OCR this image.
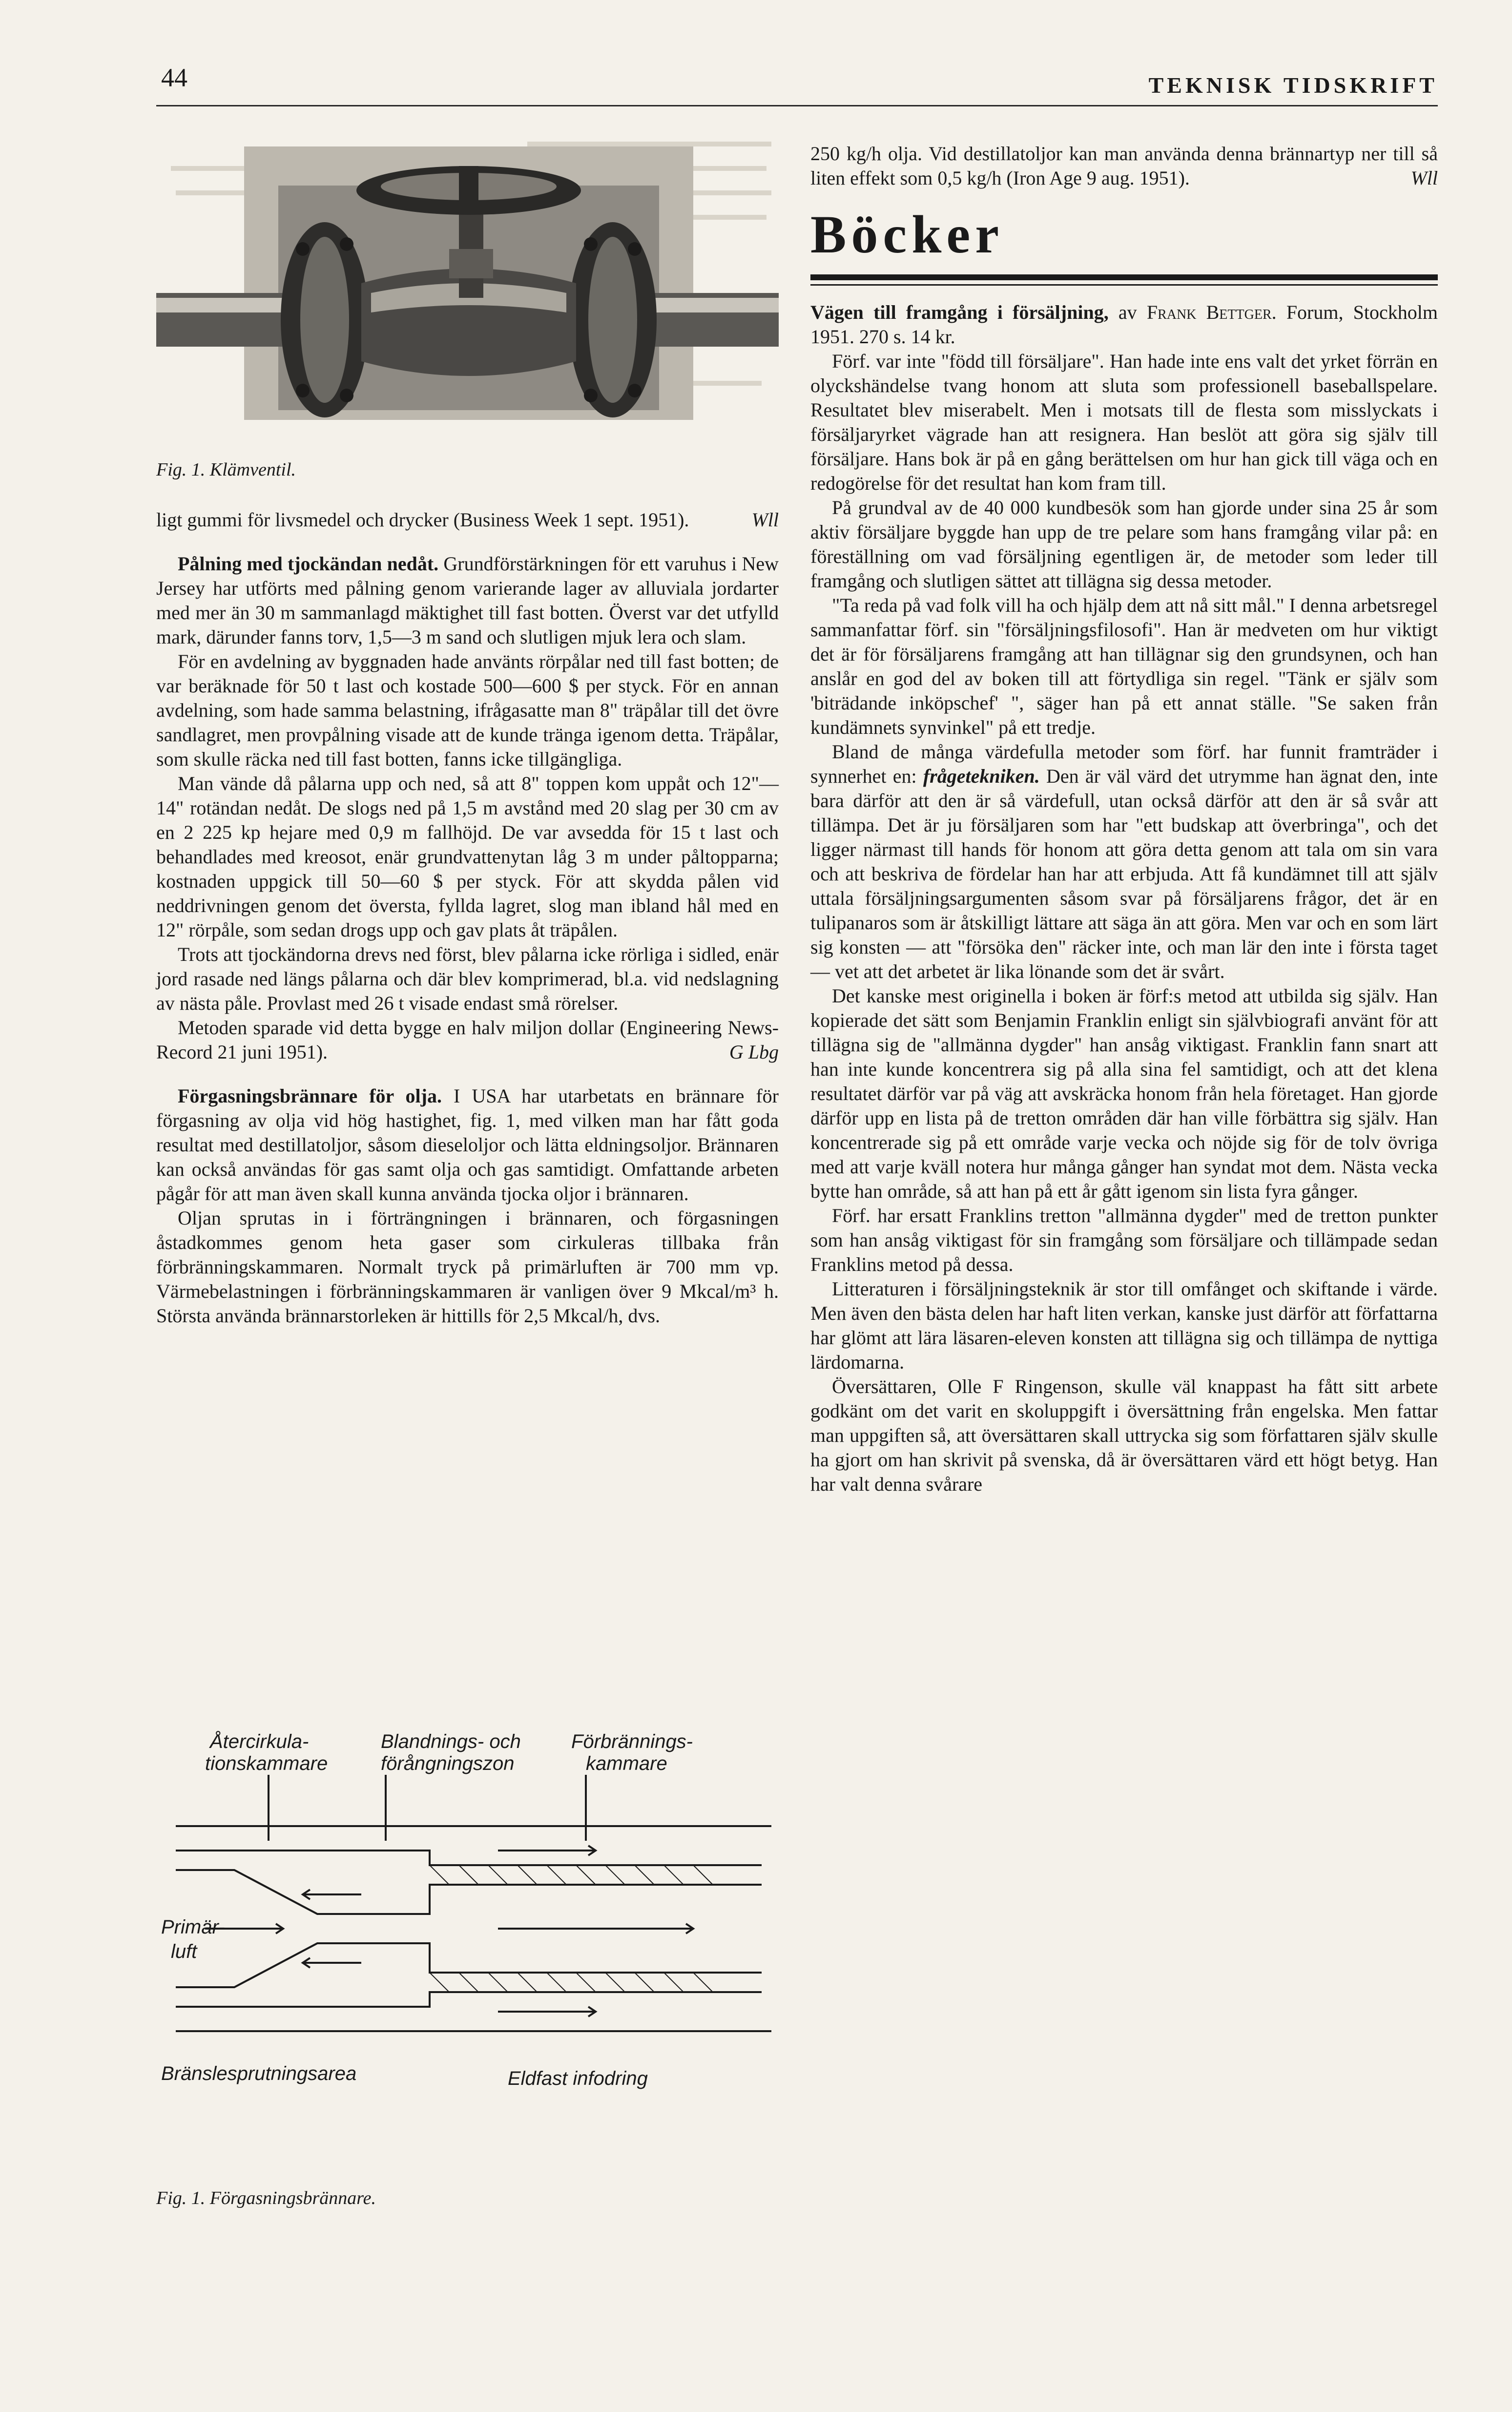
44	TEKNISK TIDSKRIFT
Fig. 1. Klämventil.

ligt gummi för livsmedel och drycker (Business Week 1 sept. 1951).	Wll

Pålning med tjockändan nedåt. Grundförstärkningen för ett varuhus i New Jersey har utförts med pålning genom varierande lager av alluviala jordarter med mer än 30 m sammanlagd mäktighet till fast botten. Överst var det utfylld mark, därunder fanns torv, 1,5—3 m sand och slutligen mjuk lera och slam.

För en avdelning av byggnaden hade använts rörpålar ned till fast botten; de var beräknade för 50 t last och kostade 500—600 $ per styck. För en annan avdelning, som hade samma belastning, ifrågasatte man 8" träpålar till det övre sandlagret, men provpålning visade att de kunde tränga igenom detta. Träpålar, som skulle räcka ned till fast botten, fanns icke tillgängliga.

Man vände då pålarna upp och ned, så att 8" toppen kom uppåt och 12"—14" rotändan nedåt. De slogs ned på 1,5 m avstånd med 20 slag per 30 cm av en 2 225 kp hejare med 0,9 m fallhöjd. De var avsedda för 15 t last och behandlades med kreosot, enär grundvattenytan låg 3 m under påltopparna; kostnaden uppgick till 50—60 $ per styck. För att skydda pålen vid neddrivningen genom det översta, fyllda lagret, slog man ibland hål med en 12" rörpåle, som sedan drogs upp och gav plats åt träpålen.

Trots att tjockändorna drevs ned först, blev pålarna icke rörliga i sidled, enär jord rasade ned längs pålarna och där blev komprimerad, bl.a. vid nedslagning av nästa påle. Provlast med 26 t visade endast små rörelser.

Metoden sparade vid detta bygge en halv miljon dollar (Engineering News-Record 21 juni 1951).	G Lbg

Förgasningsbrännare för olja. I USA har utarbetats en brännare för förgasning av olja vid hög hastighet, fig. 1, med vilken man har fått goda resultat med destillatoljor, såsom dieseloljor och lätta eldningsoljor. Brännaren kan också användas för gas samt olja och gas samtidigt. Omfattande arbeten pågår för att man även skall kunna använda tjocka oljor i brännaren.

Oljan sprutas in i förträngningen i brännaren, och förgasningen åstadkommes genom heta gaser som cirkuleras tillbaka från förbränningskammaren. Normalt tryck på primärluften är 700 mm vp. Värmebelastningen i förbränningskammaren är vanligen över 9 Mkcal/m³ h. Största använda brännarstorleken är hittills för 2,5 Mkcal/h, dvs.

Återcirkula-
tionskammare
Blandnings- och
förångningszon
Förbrännings-
kammare
Primär-
luft
Bränslesprutningsarea	Eldfast infodring
Fig. 1. Förgasningsbrännare.

250 kg/h olja. Vid destillatoljor kan man använda denna brännartyp ner till så liten effekt som 0,5 kg/h (Iron Age 9 aug. 1951).	Wll

Böcker

Vägen till framgång i försäljning, av Frank Bettger. Forum, Stockholm 1951. 270 s. 14 kr.

Förf. var inte "född till försäljare". Han hade inte ens valt det yrket förrän en olyckshändelse tvang honom att sluta som professionell baseballspelare. Resultatet blev miserabelt. Men i motsats till de flesta som misslyckats i försäljaryrket vägrade han att resignera. Han beslöt att göra sig själv till försäljare. Hans bok är på en gång berättelsen om hur han gick till väga och en redogörelse för det resultat han kom fram till.

På grundval av de 40 000 kundbesök som han gjorde under sina 25 år som aktiv försäljare byggde han upp de tre pelare som hans framgång vilar på: en föreställning om vad försäljning egentligen är, de metoder som leder till framgång och slutligen sättet att tillägna sig dessa metoder.

"Ta reda på vad folk vill ha och hjälp dem att nå sitt mål." I denna arbetsregel sammanfattar förf. sin "försäljningsfilosofi". Han är medveten om hur viktigt det är för försäljarens framgång att han tillägnar sig den grundsynen, och han anslår en god del av boken till att förtydliga sin regel. "Tänk er själv som 'biträdande inköpschef' ", säger han på ett annat ställe. "Se saken från kundämnets synvinkel" på ett tredje.

Bland de många värdefulla metoder som förf. har funnit framträder i synnerhet en: frågetekniken. Den är väl värd det utrymme han ägnat den, inte bara därför att den är så värdefull, utan också därför att den är så svår att tillämpa. Det är ju försäljaren som har "ett budskap att överbringa", och det ligger närmast till hands för honom att göra detta genom att tala om sin vara och att beskriva de fördelar han har att erbjuda. Att få kundämnet till att själv uttala försäljningsargumenten såsom svar på försäljarens frågor, det är en tulipanaros som är åtskilligt lättare att säga än att göra. Men var och en som lärt sig konsten — att "försöka den" räcker inte, och man lär den inte i första taget — vet att det arbetet är lika lönande som det är svårt.

Det kanske mest originella i boken är förf:s metod att utbilda sig själv. Han kopierade det sätt som Benjamin Franklin enligt sin självbiografi använt för att tillägna sig de "allmänna dygder" han ansåg viktigast. Franklin fann snart att han inte kunde koncentrera sig på alla sina fel samtidigt, och att det klena resultatet därför var på väg att avskräcka honom från hela företaget. Han gjorde därför upp en lista på de tretton områden där han ville förbättra sig själv. Han koncentrerade sig på ett område varje vecka och nöjde sig för de tolv övriga med att varje kväll notera hur många gånger han syndat mot dem. Nästa vecka bytte han område, så att han på ett år gått igenom sin lista fyra gånger.

Förf. har ersatt Franklins tretton "allmänna dygder" med de tretton punkter som han ansåg viktigast för sin framgång som försäljare och tillämpade sedan Franklins metod på dessa.

Litteraturen i försäljningsteknik är stor till omfånget och skiftande i värde. Men även den bästa delen har haft liten verkan, kanske just därför att författarna har glömt att lära läsaren-eleven konsten att tillägna sig och tillämpa de nyttiga lärdomarna.

Översättaren, Olle F Ringenson, skulle väl knappast ha fått sitt arbete godkänt om det varit en skoluppgift i översättning från engelska. Men fattar man uppgiften så, att översättaren skall uttrycka sig som författaren själv skulle ha gjort om han skrivit på svenska, då är översättaren värd ett högt betyg. Han har valt denna svårare
